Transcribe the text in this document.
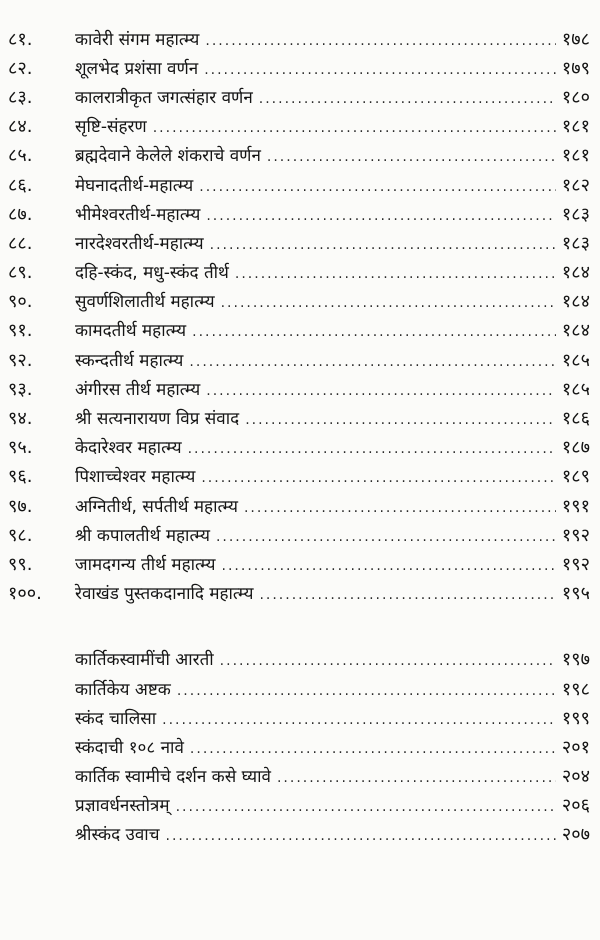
८१.	कावेरी संगम महात्म्य .....	१७८
८२.	शूलभेद प्रशंसा वर्णन .....	१७९
८३.	कालरात्रीकृत जगत्संहार वर्णन .....	१८०
८४.	सृष्टि-संहरण .....	१८१
८५.	ब्रह्मदेवाने केलेले शंकराचे वर्णन .....	१८१
८६.	मेघनादतीर्थ-महात्म्य .....	१८२
८७.	भीमेश्वरतीर्थ-महात्म्य .....	१८३
८८.	नारदेश्वरतीर्थ-महात्म्य .....	१८३
८९.	दहि-स्कंद, मधु-स्कंद तीर्थ .....	१८४
९०.	सुवर्णशिलातीर्थ महात्म्य .....	१८४
९१.	कामदतीर्थ महात्म्य .....	१८४
९२.	स्कन्दतीर्थ महात्म्य .....	१८५
९३.	अंगीरस तीर्थ महात्म्य .....	१८५
९४.	श्री सत्यनारायण विप्र संवाद .....	१८६
९५.	केदारेश्वर महात्म्य .....	१८७
९६.	पिशाच्चेश्वर महात्म्य .....	१८९
९७.	अग्नितीर्थ, सर्पतीर्थ महात्म्य .....	१९१
९८.	श्री कपालतीर्थ महात्म्य .....	१९२
९९.	जामदगन्य तीर्थ महात्म्य .....	१९२
१००.	रेवाखंड पुस्तकदानादि महात्म्य .....	१९५
कार्तिकस्वामींची आरती .....	१९७
कार्तिकेय अष्टक .....	१९८
स्कंद चालिसा .....	१९९
स्कंदाची १०८ नावे .....	२०१
कार्तिक स्वामीचे दर्शन कसे घ्यावे .....	२०४
प्रज्ञावर्धनस्तोत्रम् .....	२०६
श्रीस्कंद उवाच .....	२०७
